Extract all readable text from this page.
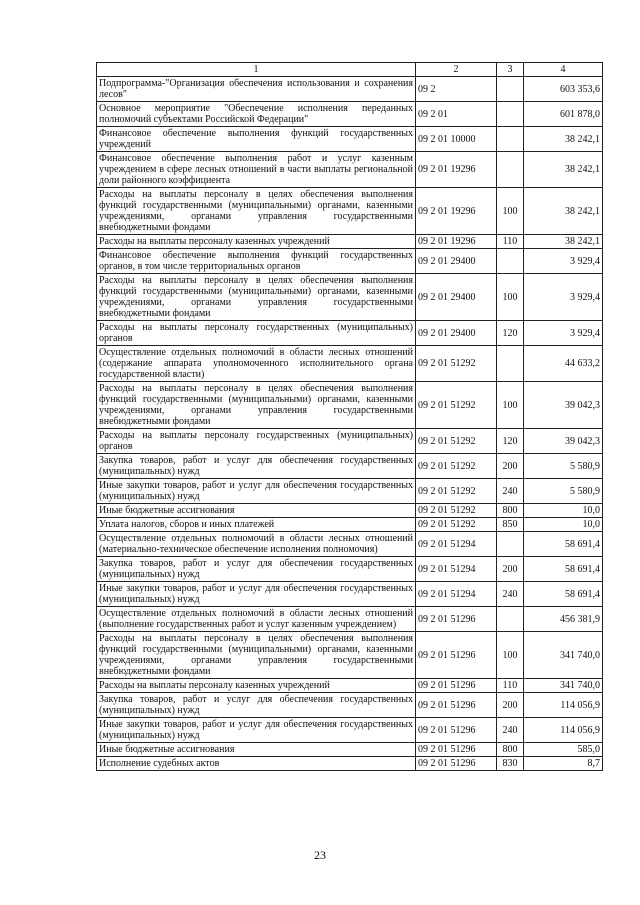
1	2	3	4
Подпрограмма-"Организация обеспечения использования и сохранения лесов"	09 2		603 353,6
Основное мероприятие "Обеспечение исполнения переданных полномочий субъектами Российской Федерации"	09 2 01		601 878,0
Финансовое обеспечение выполнения функций государственных учреждений	09 2 01 10000		38 242,1
Финансовое обеспечение выполнения работ и услуг казенным учреждением в сфере лесных отношений в части выплаты региональной доли районного коэффициента	09 2 01 19296		38 242,1
Расходы на выплаты персоналу в целях обеспечения выполнения функций государственными (муниципальными) органами, казенными учреждениями, органами управления государственными внебюджетными фондами	09 2 01 19296	100	38 242,1
Расходы на выплаты персоналу казенных учреждений	09 2 01 19296	110	38 242,1
Финансовое обеспечение выполнения функций государственных органов, в том числе территориальных органов	09 2 01 29400		3 929,4
Расходы на выплаты персоналу в целях обеспечения выполнения функций государственными (муниципальными) органами, казенными учреждениями, органами управления государственными внебюджетными фондами	09 2 01 29400	100	3 929,4
Расходы на выплаты персоналу государственных (муниципальных) органов	09 2 01 29400	120	3 929,4
Осуществление отдельных полномочий в области лесных отношений (содержание аппарата уполномоченного исполнительного органа государственной власти)	09 2 01 51292		44 633,2
Расходы на выплаты персоналу в целях обеспечения выполнения функций государственными (муниципальными) органами, казенными учреждениями, органами управления государственными внебюджетными фондами	09 2 01 51292	100	39 042,3
Расходы на выплаты персоналу государственных (муниципальных) органов	09 2 01 51292	120	39 042,3
Закупка товаров, работ и услуг для обеспечения государственных (муниципальных) нужд	09 2 01 51292	200	5 580,9
Иные закупки товаров, работ и услуг для обеспечения государственных (муниципальных) нужд	09 2 01 51292	240	5 580,9
Иные бюджетные ассигнования	09 2 01 51292	800	10,0
Уплата налогов, сборов и иных платежей	09 2 01 51292	850	10,0
Осуществление отдельных полномочий в области лесных отношений (материально-техническое обеспечение исполнения полномочия)	09 2 01 51294		58 691,4
Закупка товаров, работ и услуг для обеспечения государственных (муниципальных) нужд	09 2 01 51294	200	58 691,4
Иные закупки товаров, работ и услуг для обеспечения государственных (муниципальных) нужд	09 2 01 51294	240	58 691,4
Осуществление отдельных полномочий в области лесных отношений (выполнение государственных работ и услуг казенным учреждением)	09 2 01 51296		456 381,9
Расходы на выплаты персоналу в целях обеспечения выполнения функций государственными (муниципальными) органами, казенными учреждениями, органами управления государственными внебюджетными фондами	09 2 01 51296	100	341 740,0
Расходы на выплаты персоналу казенных учреждений	09 2 01 51296	110	341 740,0
Закупка товаров, работ и услуг для обеспечения государственных (муниципальных) нужд	09 2 01 51296	200	114 056,9
Иные закупки товаров, работ и услуг для обеспечения государственных (муниципальных) нужд	09 2 01 51296	240	114 056,9
Иные бюджетные ассигнования	09 2 01 51296	800	585,0
Исполнение судебных актов	09 2 01 51296	830	8,7
23
